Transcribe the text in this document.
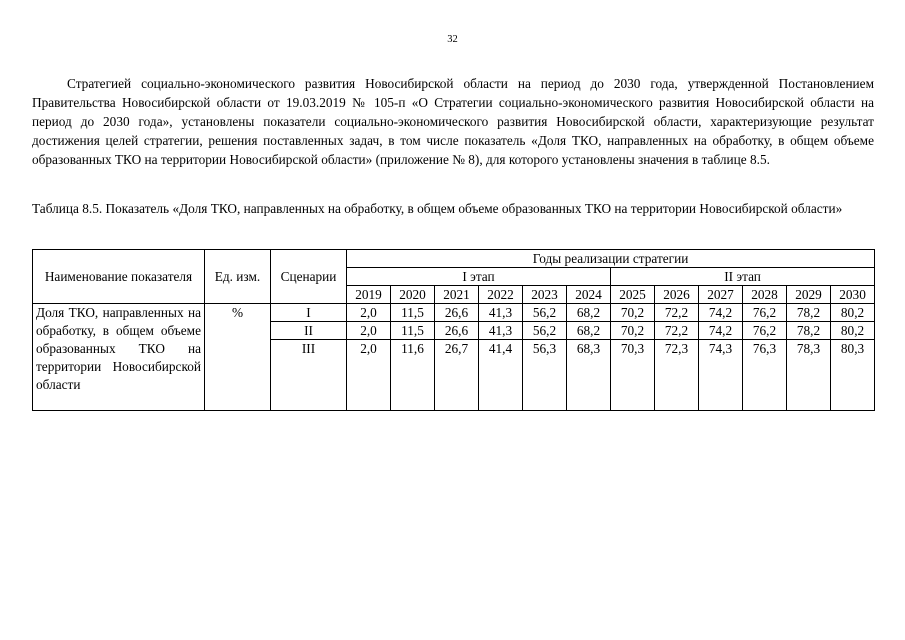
32

Стратегией социально-экономического развития Новосибирской области на период до 2030 года, утвержденной Постановлением Правительства Новосибирской области от 19.03.2019 № 105-п «О Стратегии социально-экономического развития Новосибирской области на период до 2030 года», установлены показатели социально-экономического развития Новосибирской области, характеризующие результат достижения целей стратегии, решения поставленных задач, в том числе показатель «Доля ТКО, направленных на обработку, в общем объеме образованных ТКО на территории Новосибирской области» (приложение № 8), для которого установлены значения в таблице 8.5.

Таблица 8.5. Показатель «Доля ТКО, направленных на обработку, в общем объеме образованных ТКО на территории Новосибирской области»

Наименование показателя	Ед. изм.	Сценарии	Годы реализации стратегии											
			I этап						II этап					
			2019	2020	2021	2022	2023	2024	2025	2026	2027	2028	2029	2030
Доля ТКО, направленных на обработку, в общем объеме образованных ТКО на территории Новосибирской области	%	I	2,0	11,5	26,6	41,3	56,2	68,2	70,2	72,2	74,2	76,2	78,2	80,2
		II	2,0	11,5	26,6	41,3	56,2	68,2	70,2	72,2	74,2	76,2	78,2	80,2
		III	2,0	11,6	26,7	41,4	56,3	68,3	70,3	72,3	74,3	76,3	78,3	80,3
